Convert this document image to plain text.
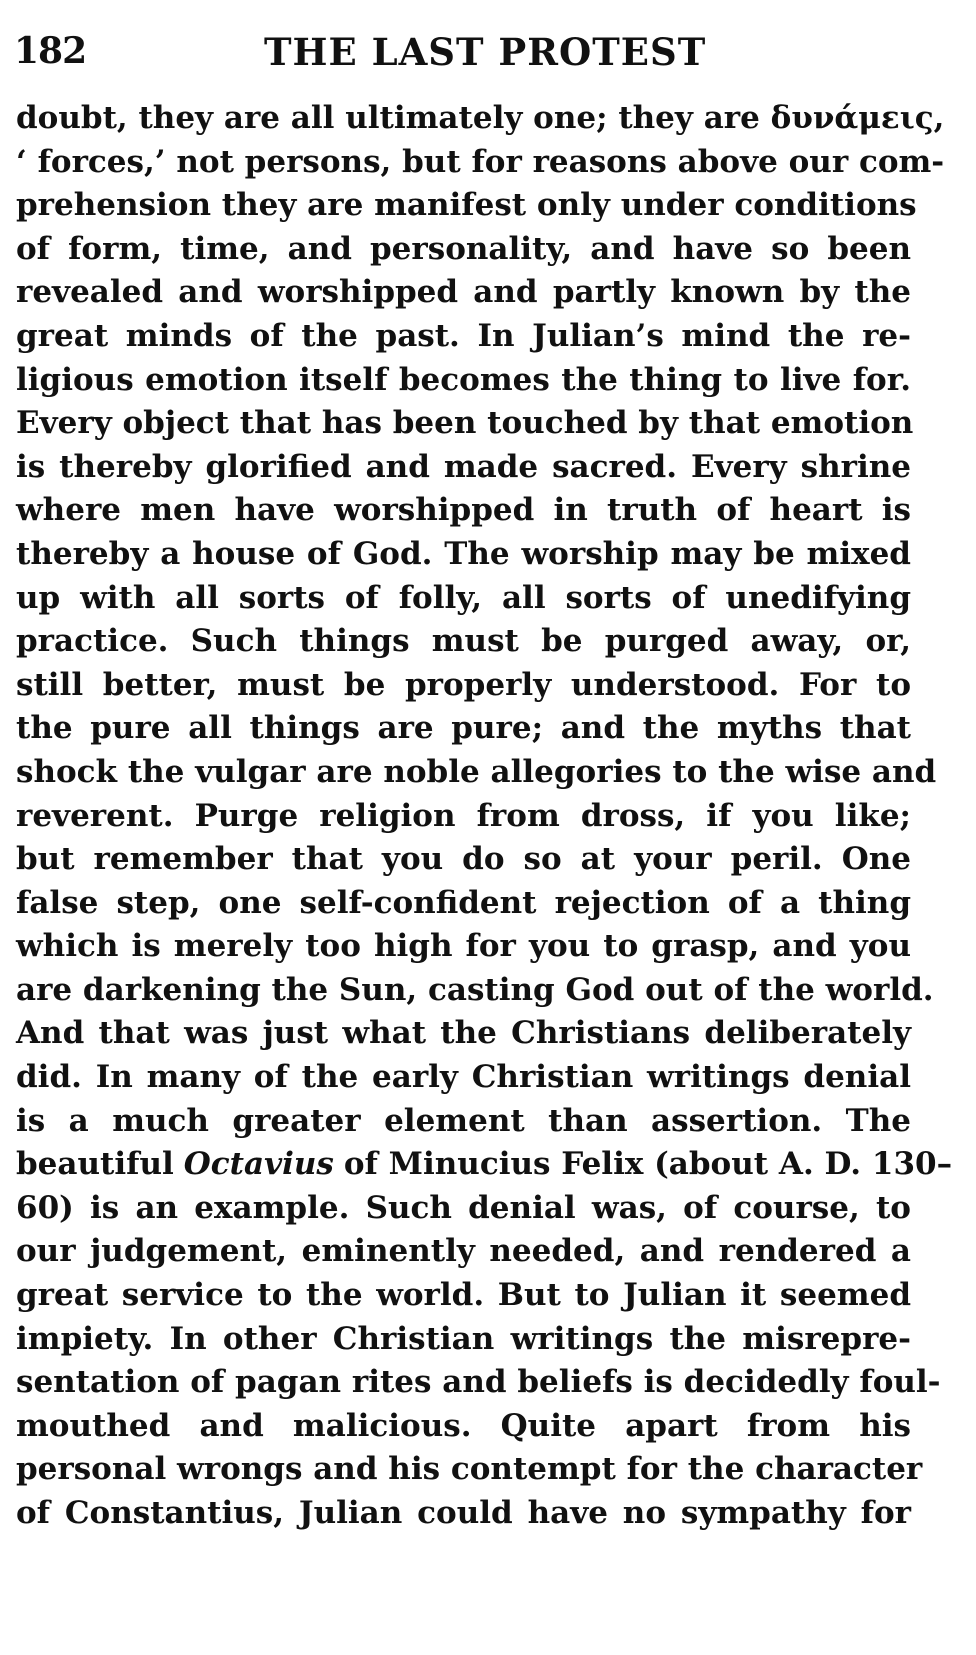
182	THE LAST PROTEST
doubt, they are all ultimately one; they are δυνάμεις,
‘ forces,’ not persons, but for reasons above our com-
prehension they are manifest only under conditions
of form, time, and personality, and have so been
revealed and worshipped and partly known by the
great minds of the past. In Julian’s mind the re-
ligious emotion itself becomes the thing to live for.
Every object that has been touched by that emotion
is thereby glorified and made sacred. Every shrine
where men have worshipped in truth of heart is
thereby a house of God. The worship may be mixed
up with all sorts of folly, all sorts of unedifying
practice. Such things must be purged away, or,
still better, must be properly understood. For to
the pure all things are pure; and the myths that
shock the vulgar are noble allegories to the wise and
reverent. Purge religion from dross, if you like;
but remember that you do so at your peril. One
false step, one self-confident rejection of a thing
which is merely too high for you to grasp, and you
are darkening the Sun, casting God out of the world.
And that was just what the Christians deliberately
did. In many of the early Christian writings denial
is a much greater element than assertion. The
beautiful Octavius of Minucius Felix (about A. D. 130–
60) is an example. Such denial was, of course, to
our judgement, eminently needed, and rendered a
great service to the world. But to Julian it seemed
impiety. In other Christian writings the misrepre-
sentation of pagan rites and beliefs is decidedly foul-
mouthed and malicious. Quite apart from his
personal wrongs and his contempt for the character
of Constantius, Julian could have no sympathy for
